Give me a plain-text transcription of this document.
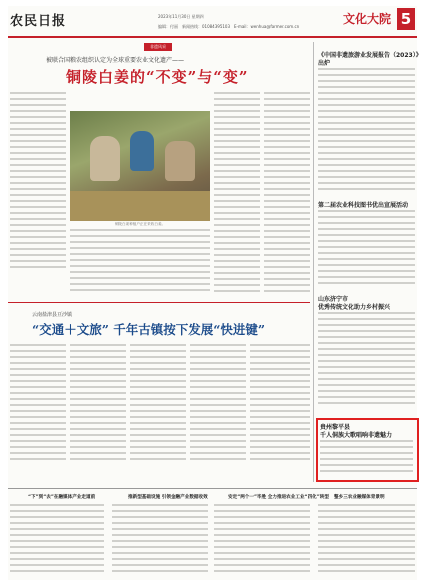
农民日报	2023年11月30日 星期四
编辑：付丽　新闻热线：01084395103　E-mail：wenhua@farmer.com.cn
文化大院 5
非遗风采
被联合国粮农组织认定为全球重要农业文化遗产——
铜陵白姜的“不变”与“变”
铜陵白姜种植户正在采收白姜。
云南盐津县豆沙镇
“交通＋文旅” 千年古镇按下发展“快进键”
《中国非遗旅游业发展报告（2023）》
出炉
第二届农业科技图书优出宣展活动
山东济宁市
优秀传统文化助力乡村振兴
贵州黎平县
千人侗族大歌唱响非遗魅力
“下”到“去”在融媒体产业走道前	推新型基础设施 引领金融产业数据收效	安定“两个一”毕胜 全力推进农业工业“四化”转型 整乡三农业融媒体背景明
